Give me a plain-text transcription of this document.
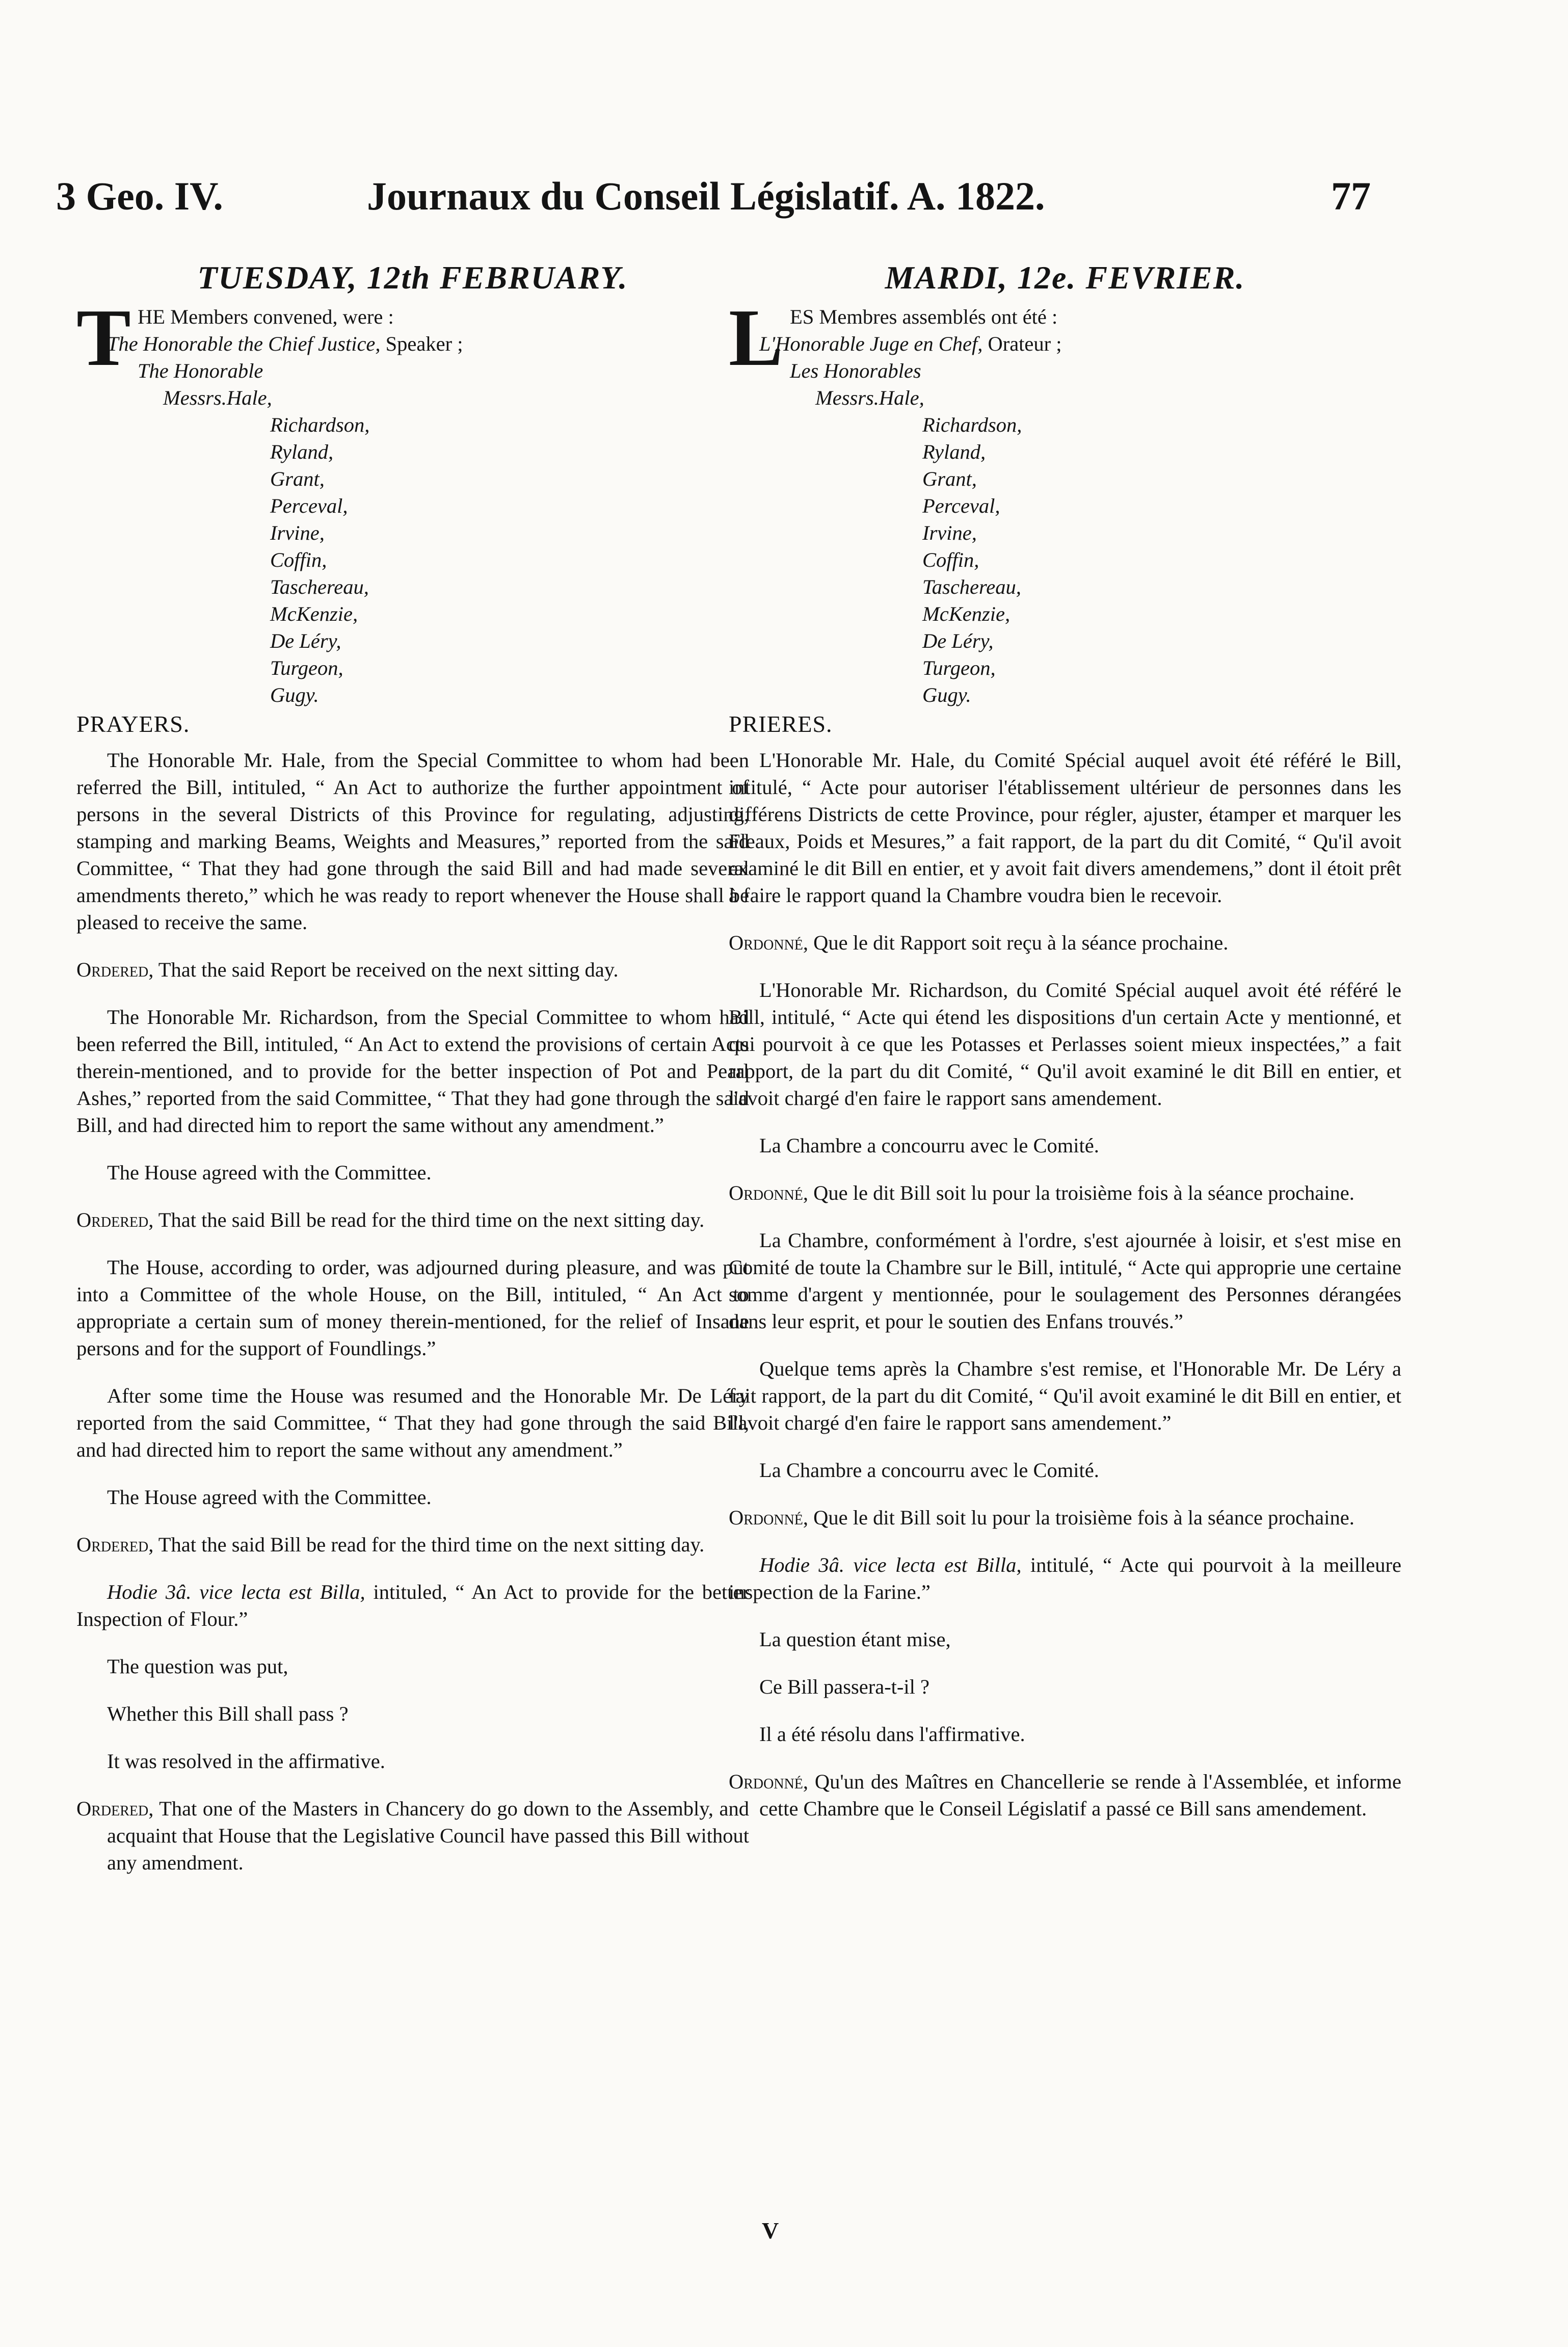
3 Geo. IV.	Journaux du Conseil Législatif. A. 1822.	77
TUESDAY, 12th FEBRUARY.
T HE Members convened, were :
The Honorable the Chief Justice, Speaker ;
The Honorable
Messrs.Hale,
Richardson,
Ryland,
Grant,
Perceval,
Irvine,
Coffin,
Taschereau,
McKenzie,
De Léry,
Turgeon,
Gugy.
PRAYERS.

The Honorable Mr. Hale, from the Special Committee to whom had been referred the Bill, intituled, “ An Act to authorize the further appointment of persons in the several Districts of this Province for regulating, adjusting, stamping and marking Beams, Weights and Measures,” reported from the said Committee, “ That they had gone through the said Bill and had made several amendments thereto,” which he was ready to report whenever the House shall be pleased to receive the same.

Ordered, That the said Report be received on the next sitting day.

The Honorable Mr. Richardson, from the Special Committee to whom had been referred the Bill, intituled, “ An Act to extend the provisions of certain Acts therein-mentioned, and to provide for the better inspection of Pot and Pearl Ashes,” reported from the said Committee, “ That they had gone through the said Bill, and had directed him to report the same without any amendment.”

The House agreed with the Committee.

Ordered, That the said Bill be read for the third time on the next sitting day.

The House, according to order, was adjourned during pleasure, and was put into a Committee of the whole House, on the Bill, intituled, “ An Act to appropriate a certain sum of money therein-mentioned, for the relief of Insane persons and for the support of Foundlings.”

After some time the House was resumed and the Honorable Mr. De Léry reported from the said Committee, “ That they had gone through the said Bill, and had directed him to report the same without any amendment.”

The House agreed with the Committee.

Ordered, That the said Bill be read for the third time on the next sitting day.

Hodie 3â. vice lecta est Billa, intituled, “ An Act to provide for the better Inspection of Flour.”

The question was put,

Whether this Bill shall pass ?

It was resolved in the affirmative.

Ordered, That one of the Masters in Chancery do go down to the Assembly, and acquaint that House that the Legislative Council have passed this Bill without any amendment.

MARDI, 12e. FEVRIER.
L ES Membres assemblés ont été :
L'Honorable Juge en Chef, Orateur ;
Les Honorables
Messrs.Hale,
Richardson,
Ryland,
Grant,
Perceval,
Irvine,
Coffin,
Taschereau,
McKenzie,
De Léry,
Turgeon,
Gugy.
PRIERES.

L'Honorable Mr. Hale, du Comité Spécial auquel avoit été référé le Bill, intitulé, “ Acte pour autoriser l'établissement ultérieur de personnes dans les différens Districts de cette Province, pour régler, ajuster, étamper et marquer les Fleaux, Poids et Mesures,” a fait rapport, de la part du dit Comité, “ Qu'il avoit examiné le dit Bill en entier, et y avoit fait divers amendemens,” dont il étoit prêt à faire le rapport quand la Chambre voudra bien le recevoir.

Ordonné, Que le dit Rapport soit reçu à la séance prochaine.

L'Honorable Mr. Richardson, du Comité Spécial auquel avoit été référé le Bill, intitulé, “ Acte qui étend les dispositions d'un certain Acte y mentionné, et qui pourvoit à ce que les Potasses et Perlasses soient mieux inspectées,” a fait rapport, de la part du dit Comité, “ Qu'il avoit examiné le dit Bill en entier, et l'avoit chargé d'en faire le rapport sans amendement.

La Chambre a concourru avec le Comité.

Ordonné, Que le dit Bill soit lu pour la troisième fois à la séance prochaine.

La Chambre, conformément à l'ordre, s'est ajournée à loisir, et s'est mise en Comité de toute la Chambre sur le Bill, intitulé, “ Acte qui approprie une certaine somme d'argent y mentionnée, pour le soulagement des Personnes dérangées dans leur esprit, et pour le soutien des Enfans trouvés.”

Quelque tems après la Chambre s'est remise, et l'Honorable Mr. De Léry a fait rapport, de la part du dit Comité, “ Qu'il avoit examiné le dit Bill en entier, et l'avoit chargé d'en faire le rapport sans amendement.”

La Chambre a concourru avec le Comité.

Ordonné, Que le dit Bill soit lu pour la troisième fois à la séance prochaine.

Hodie 3â. vice lecta est Billa, intitulé, “ Acte qui pourvoit à la meilleure inspection de la Farine.”

La question étant mise,

Ce Bill passera-t-il ?

Il a été résolu dans l'affirmative.

Ordonné, Qu'un des Maîtres en Chancellerie se rende à l'Assemblée, et informe cette Chambre que le Conseil Législatif a passé ce Bill sans amendement.

V
